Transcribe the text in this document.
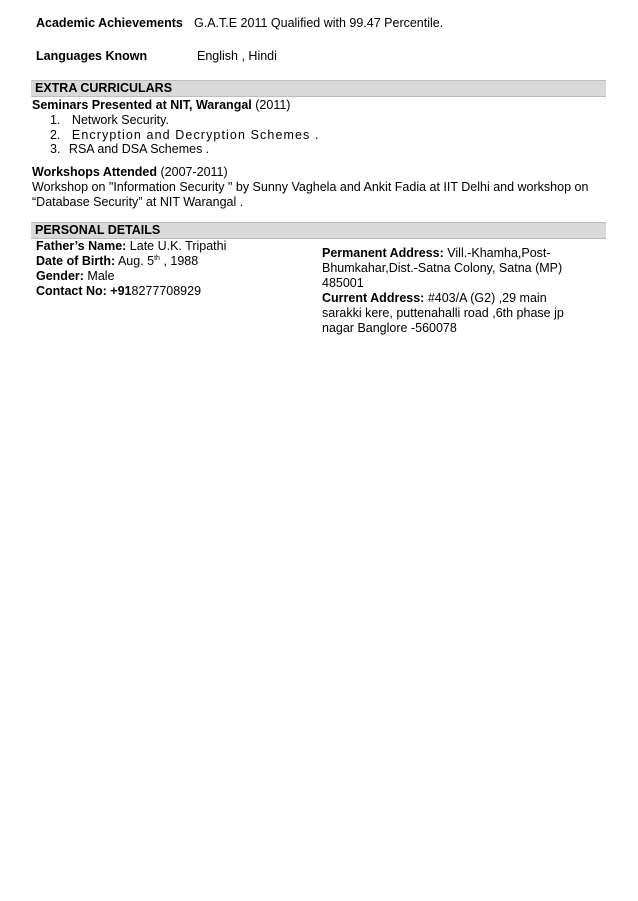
Academic Achievements G.A.T.E 2011 Qualified with 99.47 Percentile.
Languages Known	English , Hindi
EXTRA CURRICULARS
Seminars Presented at NIT, Warangal (2011)
1. Network Security.
2. Encryption and Decryption Schemes .
3. RSA and DSA Schemes .
Workshops Attended (2007-2011)
Workshop on "Information Security " by Sunny Vaghela and Ankit Fadia at IIT Delhi and workshop on
“Database Security” at NIT Warangal .
PERSONAL DETAILS
Father’s Name: Late U.K. Tripathi
Date of Birth: Aug. 5th , 1988
Gender: Male
Contact No: +918277708929
Permanent Address: Vill.-Khamha,Post-
Bhumkahar,Dist.-Satna Colony, Satna (MP)
485001
Current Address: #403/A (G2) ,29 main
sarakki kere, puttenahalli road ,6th phase jp
nagar Banglore -560078
